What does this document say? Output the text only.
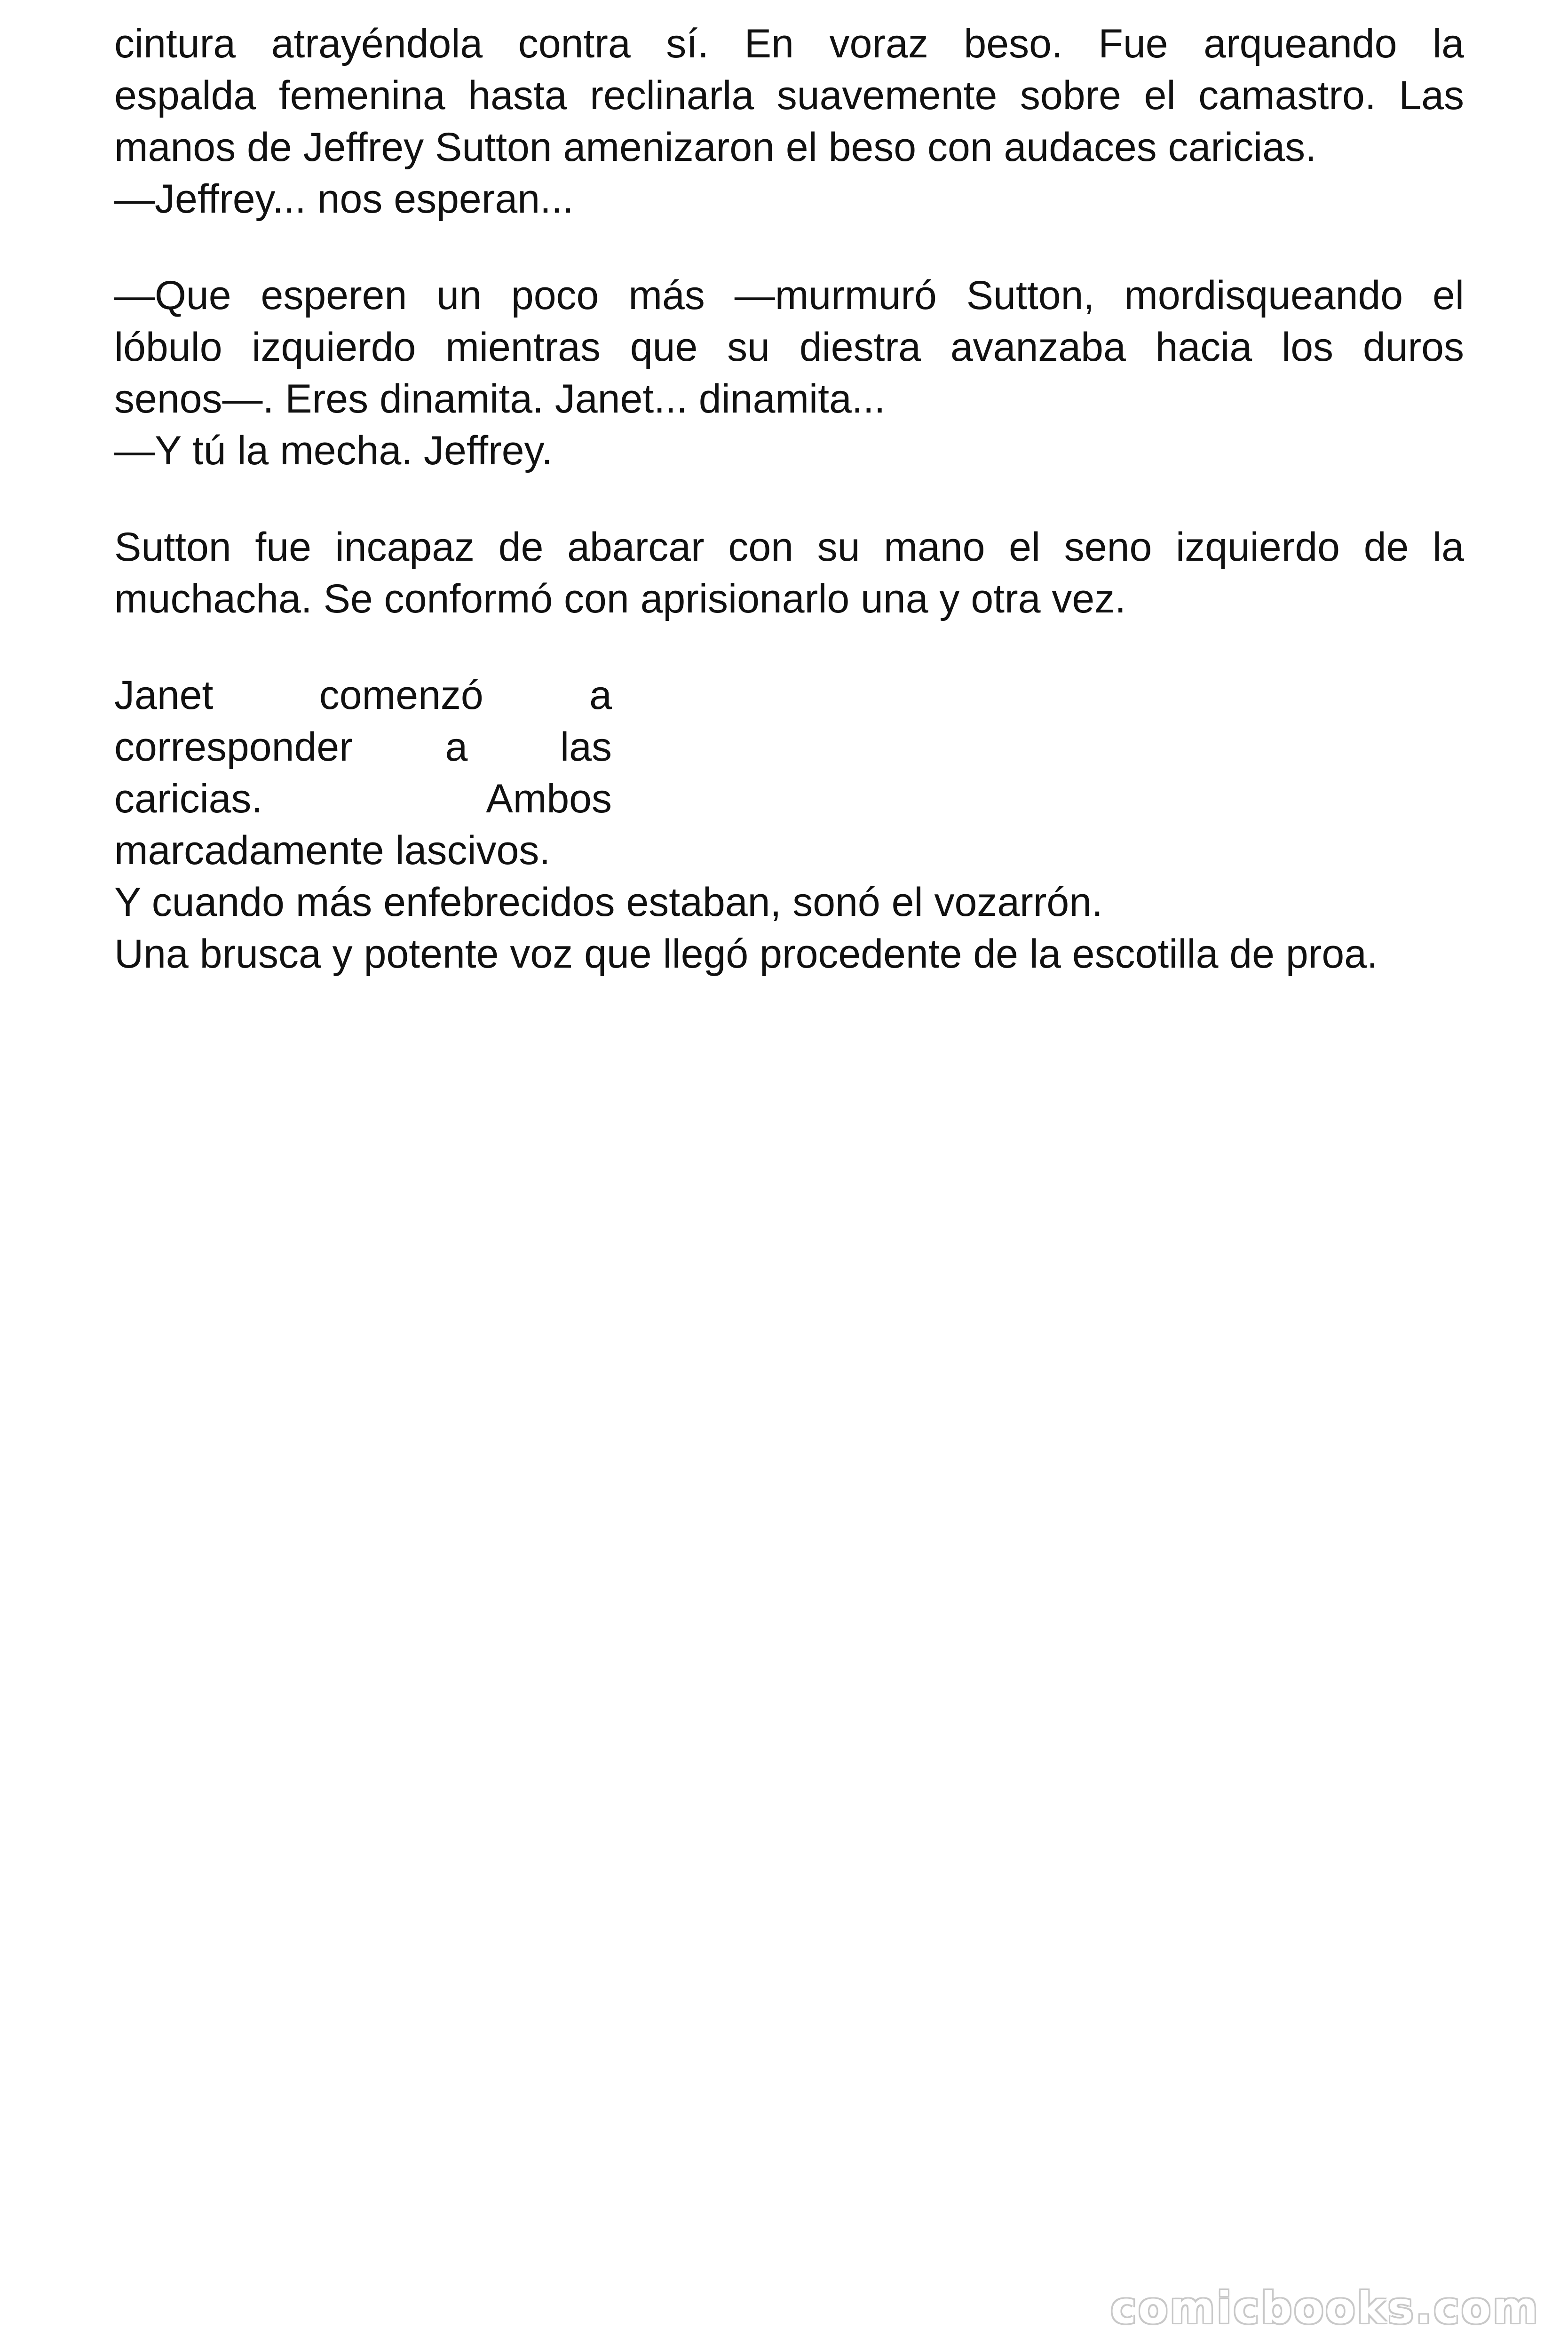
cintura atrayéndola contra sí. En voraz beso. Fue arqueando la
espalda femenina hasta reclinarla suavemente sobre el camastro. Las
manos de Jeffrey Sutton amenizaron el beso con audaces caricias.
—Jeffrey... nos esperan...

—Que esperen un poco más —murmuró Sutton, mordisqueando el
lóbulo izquierdo mientras que su diestra avanzaba hacia los duros
senos—. Eres dinamita. Janet... dinamita...
—Y tú la mecha. Jeffrey.

Sutton fue incapaz de abarcar con su mano el seno izquierdo de la
muchacha. Se conformó con aprisionarlo una y otra vez.

Janet comenzó a
corresponder a las
caricias. Ambos
marcadamente lascivos.
Y cuando más enfebrecidos estaban, sonó el vozarrón.
Una brusca y potente voz que llegó procedente de la escotilla de proa.

comicbooks.com
